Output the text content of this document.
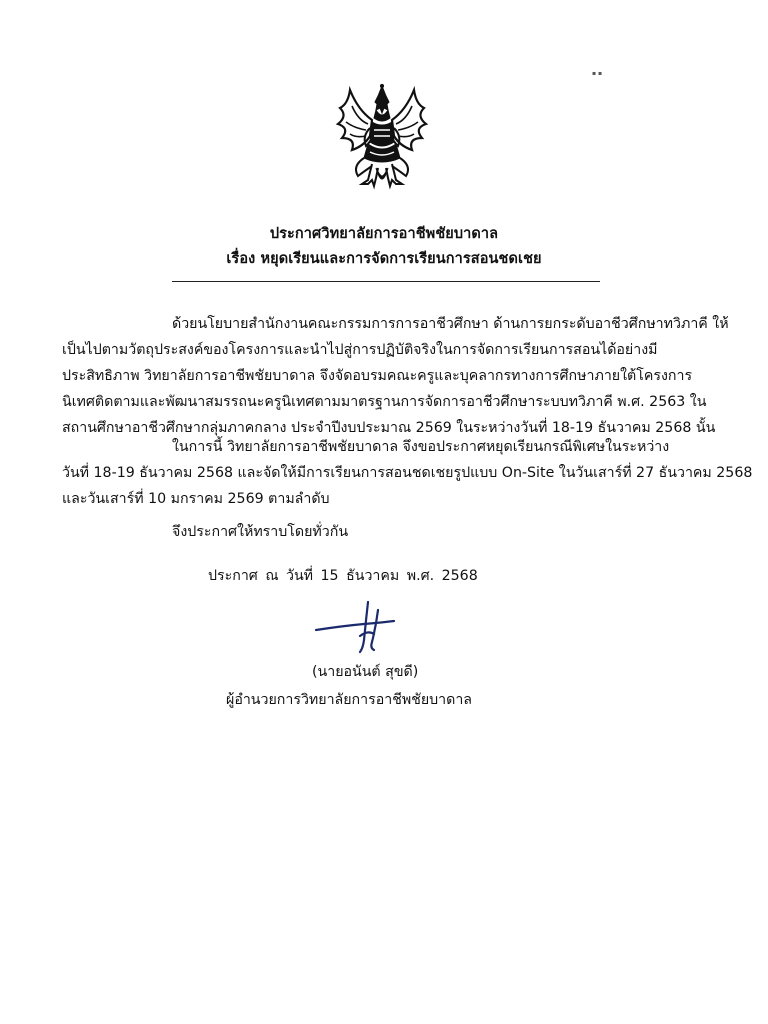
▪ ▪
ประกาศวิทยาลัยการอาชีพชัยบาดาล
เรื่อง หยุดเรียนและการจัดการเรียนการสอนชดเชย

ด้วยนโยบายสำนักงานคณะกรรมการการอาชีวศึกษา ด้านการยกระดับอาชีวศึกษาทวิภาคี ให้
เป็นไปตามวัตถุประสงค์ของโครงการและนำไปสู่การปฏิบัติจริงในการจัดการเรียนการสอนได้อย่างมี
ประสิทธิภาพ วิทยาลัยการอาชีพชัยบาดาล จึงจัดอบรมคณะครูและบุคลากรทางการศึกษาภายใต้โครงการ
นิเทศติดตามและพัฒนาสมรรถนะครูนิเทศตามมาตรฐานการจัดการอาชีวศึกษาระบบทวิภาคี พ.ศ. 2563 ใน
สถานศึกษาอาชีวศึกษากลุ่มภาคกลาง ประจำปีงบประมาณ 2569 ในระหว่างวันที่ 18-19 ธันวาคม 2568 นั้น

ในการนี้ วิทยาลัยการอาชีพชัยบาดาล จึงขอประกาศหยุดเรียนกรณีพิเศษในระหว่าง
วันที่ 18-19 ธันวาคม 2568 และจัดให้มีการเรียนการสอนชดเชยรูปแบบ On-Site ในวันเสาร์ที่ 27 ธันวาคม 2568
และวันเสาร์ที่ 10 มกราคม 2569 ตามลำดับ

จึงประกาศให้ทราบโดยทั่วกัน
ประกาศ ณ วันที่ 15 ธันวาคม พ.ศ. 2568
(นายอนันต์ สุขดี)
ผู้อำนวยการวิทยาลัยการอาชีพชัยบาดาล
